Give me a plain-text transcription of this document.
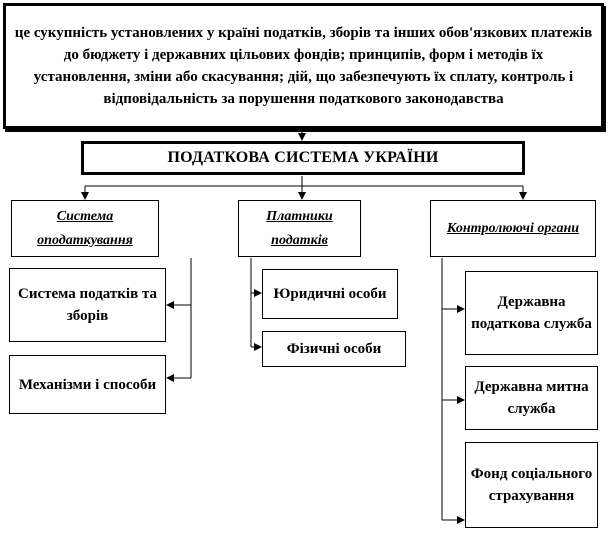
це сукупність установлених у країні податків, зборів та інших обов'язкових платежів до бюджету і державних цільових фондів; принципів, форм і методів їх установлення, зміни або скасування; дій, що забезпечують їх сплату, контроль і відповідальність за порушення податкового законодавства
ПОДАТКОВА СИСТЕМА УКРАЇНИ
Система оподаткування
Платники податків
Контролюючі органи
Система податків та зборів
Механізми і способи
Юридичні особи
Фізичні особи
Державна податкова служба
Державна митна служба
Фонд соціального страхування
